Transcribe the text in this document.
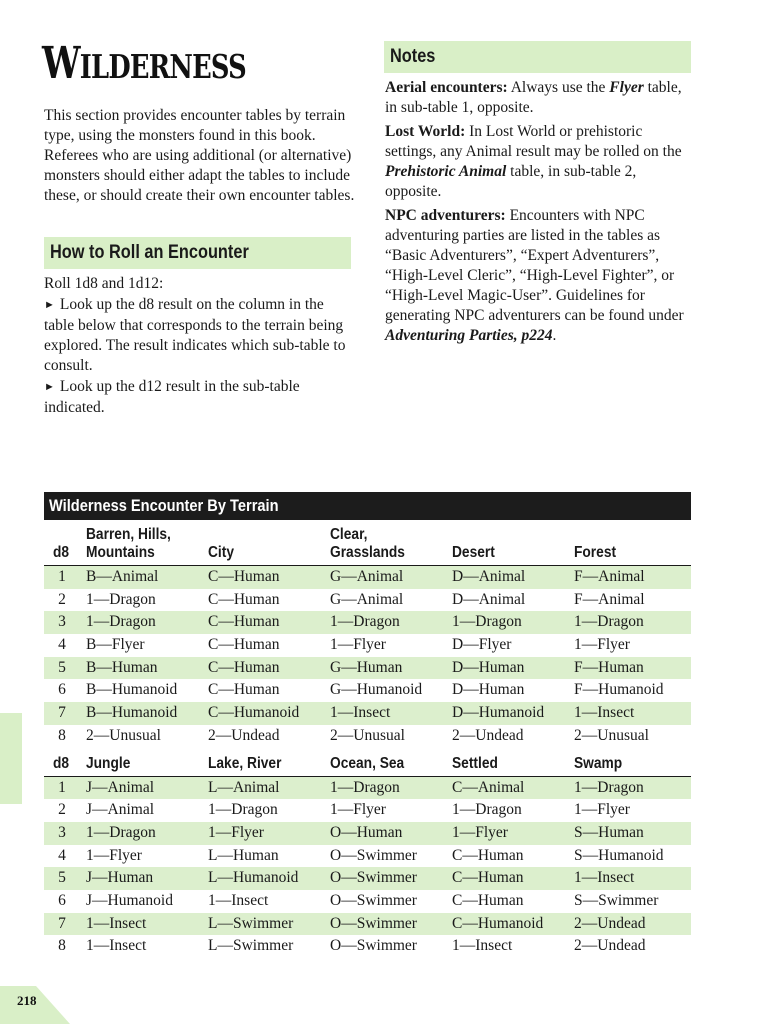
WILDERNESS

This section provides encounter tables by terrain type, using the monsters found in this book. Referees who are using additional (or alternative) monsters should either adapt the tables to include these, or should create their own encounter tables.

How to Roll an Encounter

Roll 1d8 and 1d12:

► Look up the d8 result on the column in the table below that corresponds to the terrain being explored. The result indicates which sub-table to consult.

► Look up the d12 result in the sub-table indicated.

Notes

Aerial encounters: Always use the Flyer table, in sub-table 1, opposite.

Lost World: In Lost World or prehistoric settings, any Animal result may be rolled on the Prehistoric Animal table, in sub-table 2, opposite.

NPC adventurers: Encounters with NPC adventuring parties are listed in the tables as “Basic Adventurers”, “Expert Adventurers”, “High-Level Cleric”, “High-Level Fighter”, or “High-Level Magic-User”. Guidelines for generating NPC adventurers can be found under Adventuring Parties, p224.

Wilderness Encounter By Terrain
d8
Barren, Hills,
Mountains	City
Clear,
Grasslands	Desert	Forest
1	B—Animal	C—Human	G—Animal	D—Animal	F—Animal
2	1—Dragon	C—Human	G—Animal	D—Animal	F—Animal
3	1—Dragon	C—Human	1—Dragon	1—Dragon	1—Dragon
4	B—Flyer	C—Human	1—Flyer	D—Flyer	1—Flyer
5	B—Human	C—Human	G—Human	D—Human	F—Human
6	B—Humanoid C—Human	G—Humanoid D—Human	F—Humanoid
7	B—Humanoid C—Humanoid 1—Insect	D—Humanoid 1—Insect
8	2—Unusual	2—Undead	2—Unusual	2—Undead	2—Unusual
d8 Jungle	Lake, River	Ocean, Sea	Settled	Swamp
1	J—Animal	L—Animal	1—Dragon	C—Animal	1—Dragon
2	J—Animal	1—Dragon	1—Flyer	1—Dragon	1—Flyer
3	1—Dragon	1—Flyer	O—Human	1—Flyer	S—Human
4	1—Flyer	L—Human	O—Swimmer C—Human	S—Humanoid
5	J—Human	L—Humanoid O—Swimmer C—Human	1—Insect
6	J—Humanoid 1—Insect	O—Swimmer C—Human	S—Swimmer
7	1—Insect	L—Swimmer O—Swimmer C—Humanoid 2—Undead
8	1—Insect	L—Swimmer O—Swimmer 1—Insect	2—Undead
218
